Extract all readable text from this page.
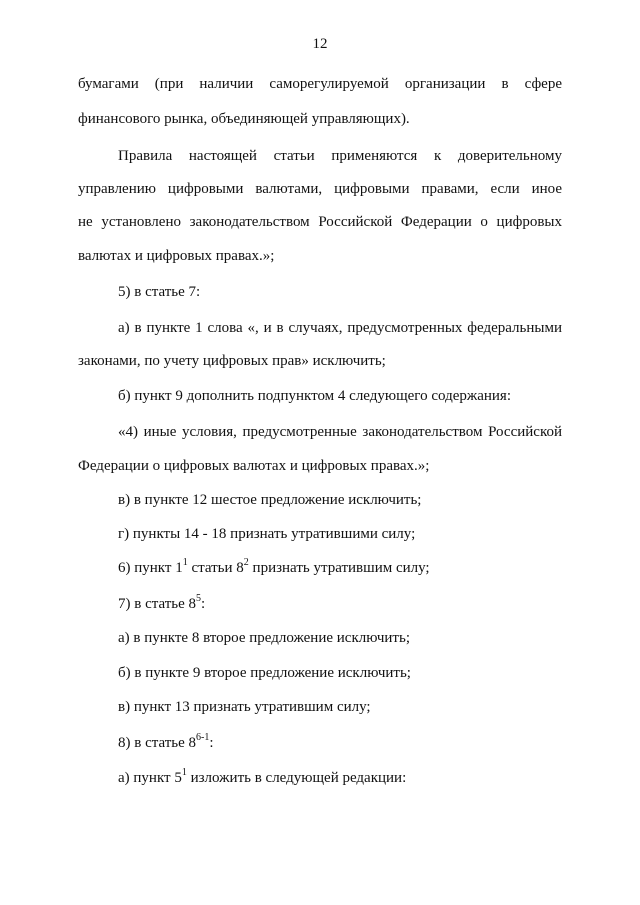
12
бумагами (при наличии саморегулируемой организации в сфере
финансового рынка, объединяющей управляющих).
Правила настоящей статьи применяются к доверительному
управлению цифровыми валютами, цифровыми правами, если иное
не установлено законодательством Российской Федерации о цифровых
валютах и цифровых правах.»;
5) в статье 7:
а) в пункте 1 слова «, и в случаях, предусмотренных федеральными
законами, по учету цифровых прав» исключить;
б) пункт 9 дополнить подпунктом 4 следующего содержания:
«4) иные условия, предусмотренные законодательством Российской
Федерации о цифровых валютах и цифровых правах.»;
в) в пункте 12 шестое предложение исключить;
г) пункты 14 - 18 признать утратившими силу;
6) пункт $1^1$ статьи $8^2$ признать утратившим силу;
7) в статье $8^5$:
а) в пункте 8 второе предложение исключить;
б) в пункте 9 второе предложение исключить;
в) пункт 13 признать утратившим силу;
8) в статье 8$^{6-1}$:
а) пункт $5^1$ изложить в следующей редакции:
